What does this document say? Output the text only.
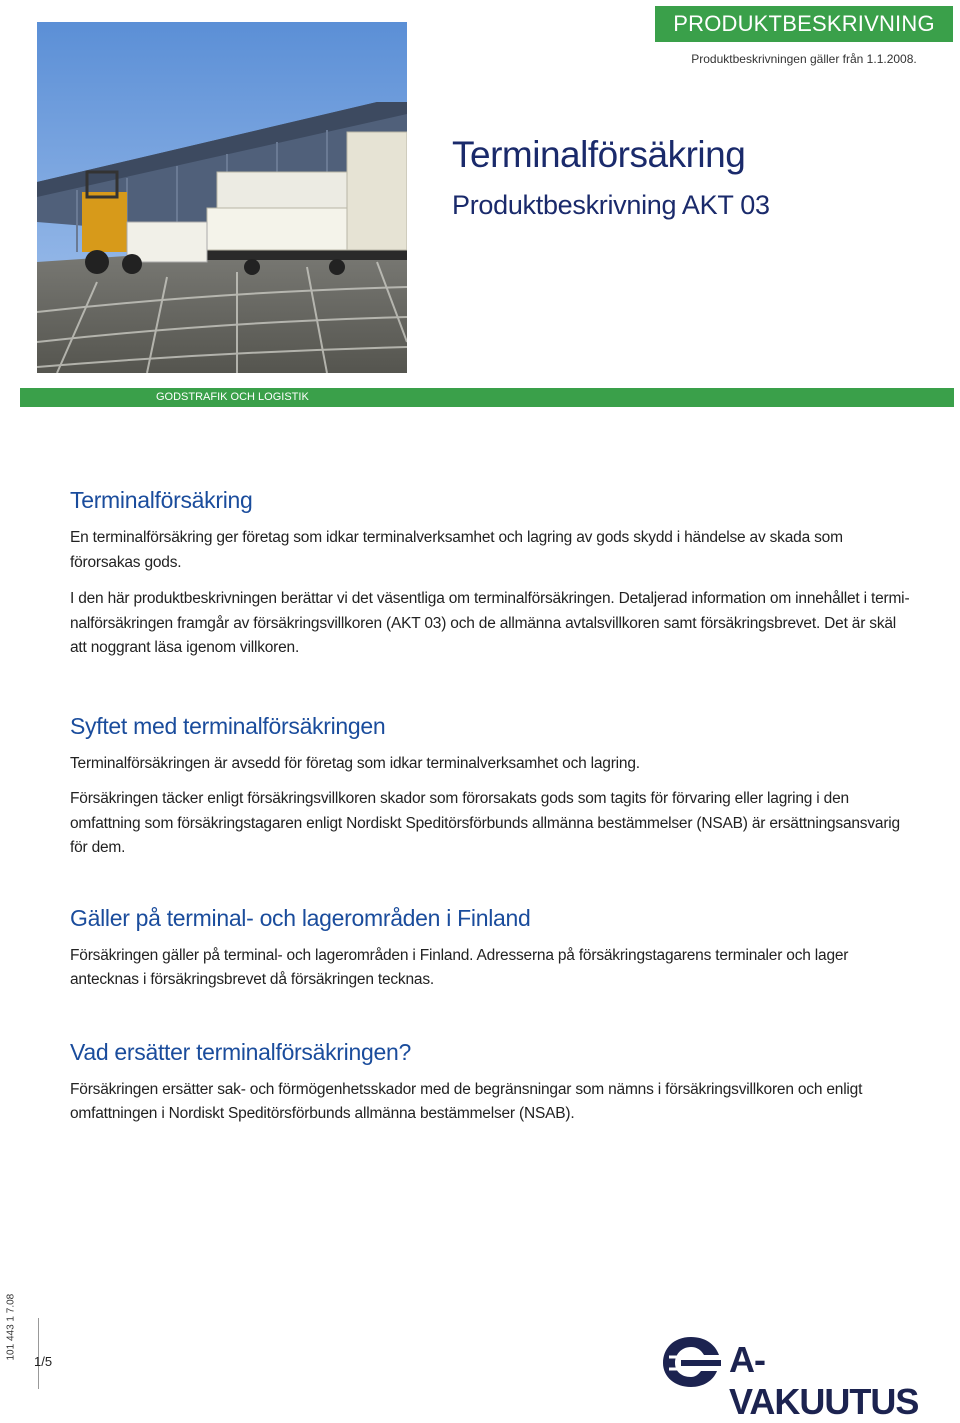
PRODUKTBESKRIVNING
Produktbeskrivningen gäller från 1.1.2008.
Terminalförsäkring
Produktbeskrivning AKT 03
GODSTRAFIK OCH LOGISTIK
Terminalförsäkring

En terminalförsäkring ger företag som idkar terminalverksamhet och lagring av gods skydd i händelse av skada som förorsakas gods.

I den här produktbeskrivningen berättar vi det väsentliga om terminalförsäkringen. Detaljerad information om innehållet i terminalförsäkringen framgår av försäkringsvillkoren (AKT 03) och de allmänna avtalsvillkoren samt försäkringsbrevet. Det är skäl att noggrant läsa igenom villkoren.

Syftet med terminalförsäkringen

Terminalförsäkringen är avsedd för företag som idkar terminalverksamhet och lagring.

Försäkringen täcker enligt försäkringsvillkoren skador som förorsakats gods som tagits för förvaring eller lagring i den omfattning som försäkringstagaren enligt Nordiskt Speditörsförbunds allmänna bestämmelser (NSAB) är ersättningsansvarig för dem.

Gäller på terminal- och lagerområden i Finland

Försäkringen gäller på terminal- och lagerområden i Finland. Adresserna på försäkringstagarens terminaler och lager antecknas i försäkringsbrevet då försäkringen tecknas.

Vad ersätter terminalförsäkringen?

Försäkringen ersätter sak- och förmögenhetsskador med de begränsningar som nämns i försäkringsvillkoren och enligt omfattningen i Nordiskt Speditörsförbunds allmänna bestämmelser (NSAB).

101 443 1 7.08
1/5	A-VAKUUTUS
